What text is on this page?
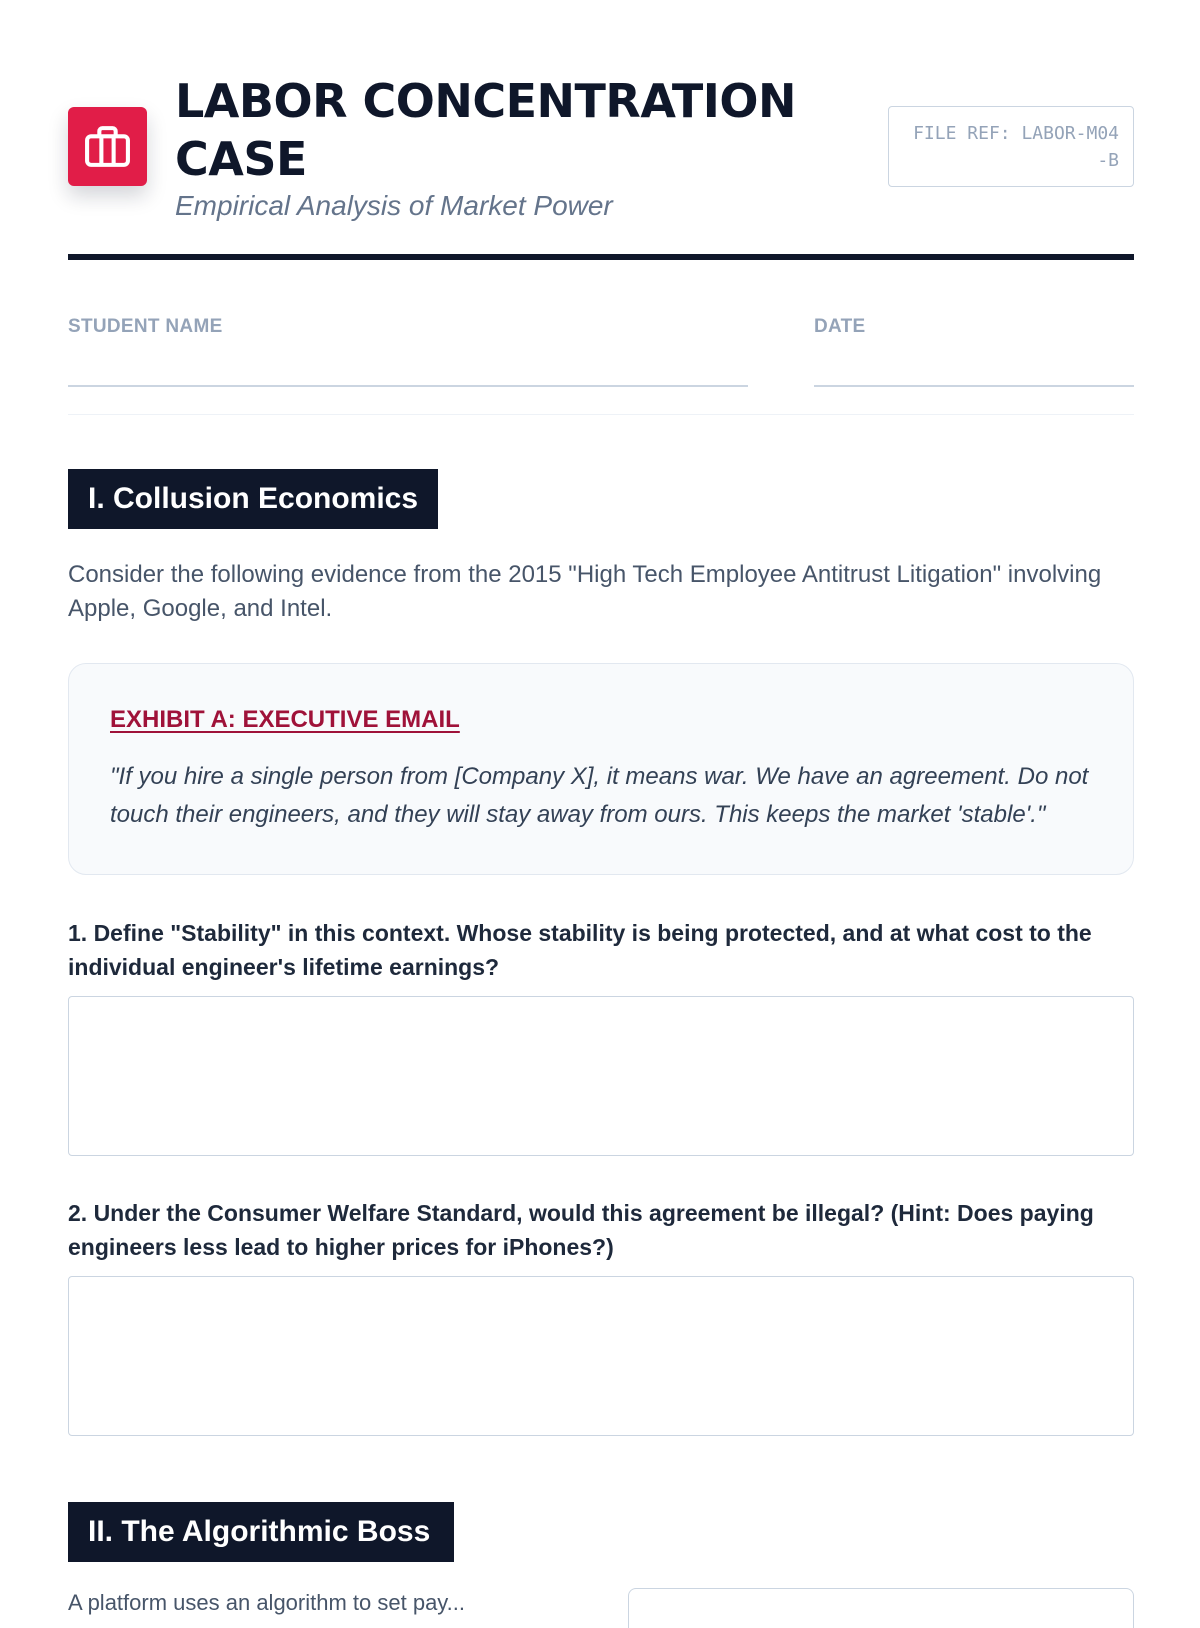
LABOR CONCENTRATION CASE
Empirical Analysis of Market Power
FILE REF: LABOR-M04-B
STUDENT NAME	DATE
I. Collusion Economics
Consider the following evidence from the 2015 "High Tech Employee Antitrust Litigation" involving Apple, Google, and Intel.
EXHIBIT A: EXECUTIVE EMAIL
"If you hire a single person from [Company X], it means war. We have an agreement. Do not touch their engineers, and they will stay away from ours. This keeps the market 'stable'."
1. Define "Stability" in this context. Whose stability is being protected, and at what cost to the individual engineer's lifetime earnings?
2. Under the Consumer Welfare Standard, would this agreement be illegal? (Hint: Does paying engineers less lead to higher prices for iPhones?)
II. The Algorithmic Boss
A platform uses an algorithm to set pay...
